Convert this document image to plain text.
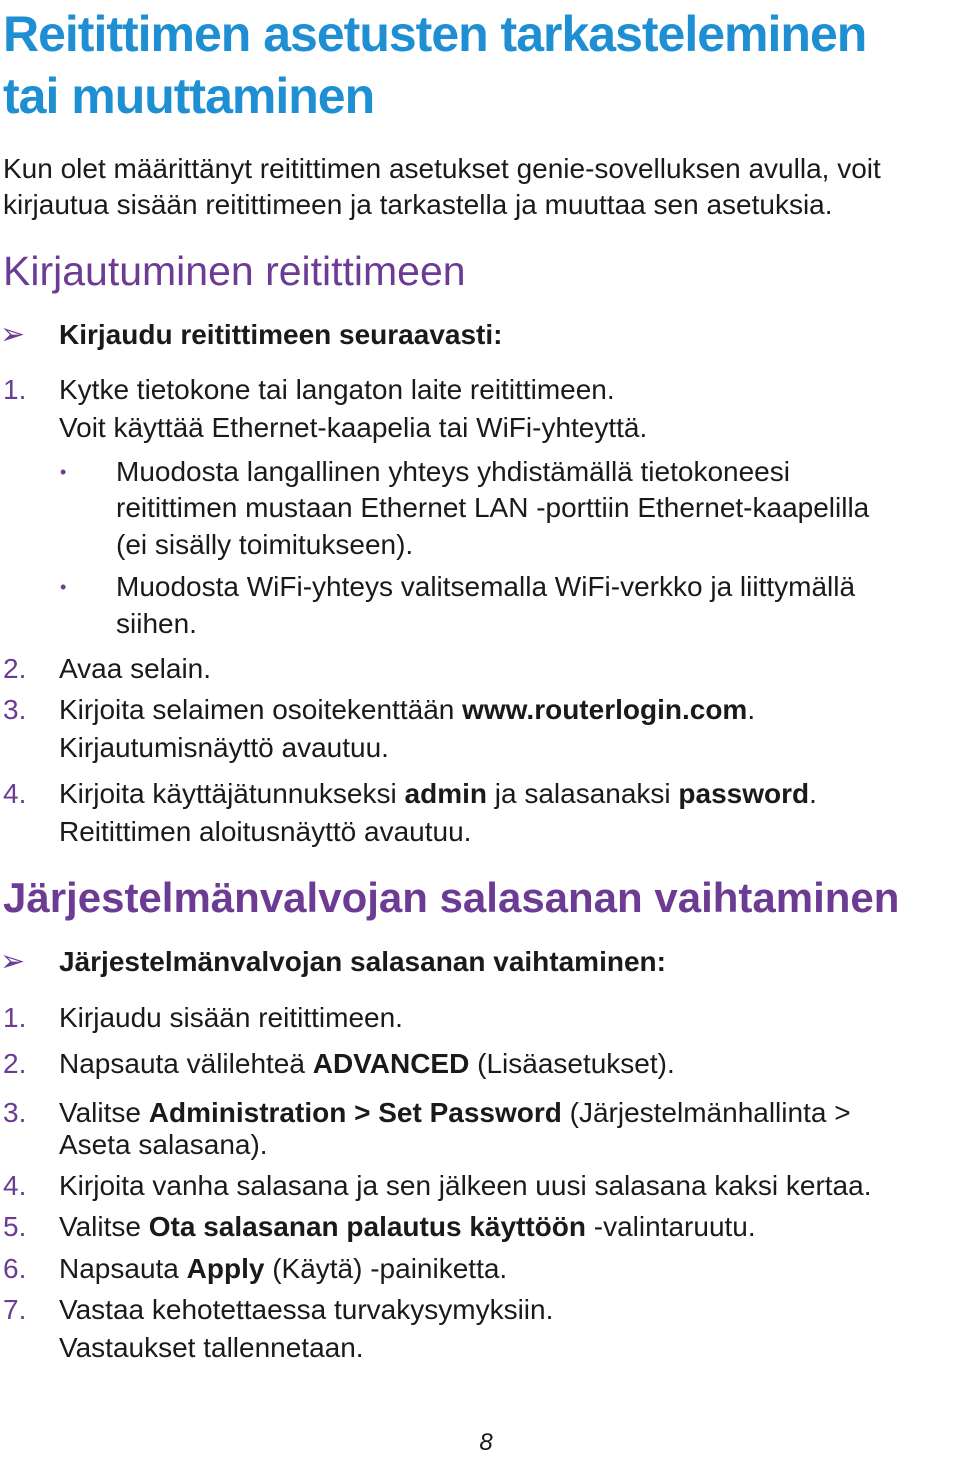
Reitittimen asetusten tarkasteleminen
tai muuttaminen
Kun olet määrittänyt reitittimen asetukset genie-sovelluksen avulla, voit
kirjautua sisään reitittimeen ja tarkastella ja muuttaa sen asetuksia.
Kirjautuminen reitittimeen
➢ Kirjaudu reitittimeen seuraavasti:
1. Kytke tietokone tai langaton laite reitittimeen.
Voit käyttää Ethernet-kaapelia tai WiFi-yhteyttä.
• Muodosta langallinen yhteys yhdistämällä tietokoneesi
reitittimen mustaan Ethernet LAN -porttiin Ethernet-kaapelilla
(ei sisälly toimitukseen).
• Muodosta WiFi-yhteys valitsemalla WiFi-verkko ja liittymällä
siihen.
2. Avaa selain.
3. Kirjoita selaimen osoitekenttään www.routerlogin.com.
Kirjautumisnäyttö avautuu.
4. Kirjoita käyttäjätunnukseksi admin ja salasanaksi password.
Reitittimen aloitusnäyttö avautuu.
Järjestelmänvalvojan salasanan vaihtaminen
➢ Järjestelmänvalvojan salasanan vaihtaminen:
1. Kirjaudu sisään reitittimeen.
2. Napsauta välilehteä ADVANCED (Lisäasetukset).
3. Valitse Administration > Set Password (Järjestelmänhallinta >
Aseta salasana).
4. Kirjoita vanha salasana ja sen jälkeen uusi salasana kaksi kertaa.
5. Valitse Ota salasanan palautus käyttöön -valintaruutu.
6. Napsauta Apply (Käytä) -painiketta.
7. Vastaa kehotettaessa turvakysymyksiin.
Vastaukset tallennetaan.
8
